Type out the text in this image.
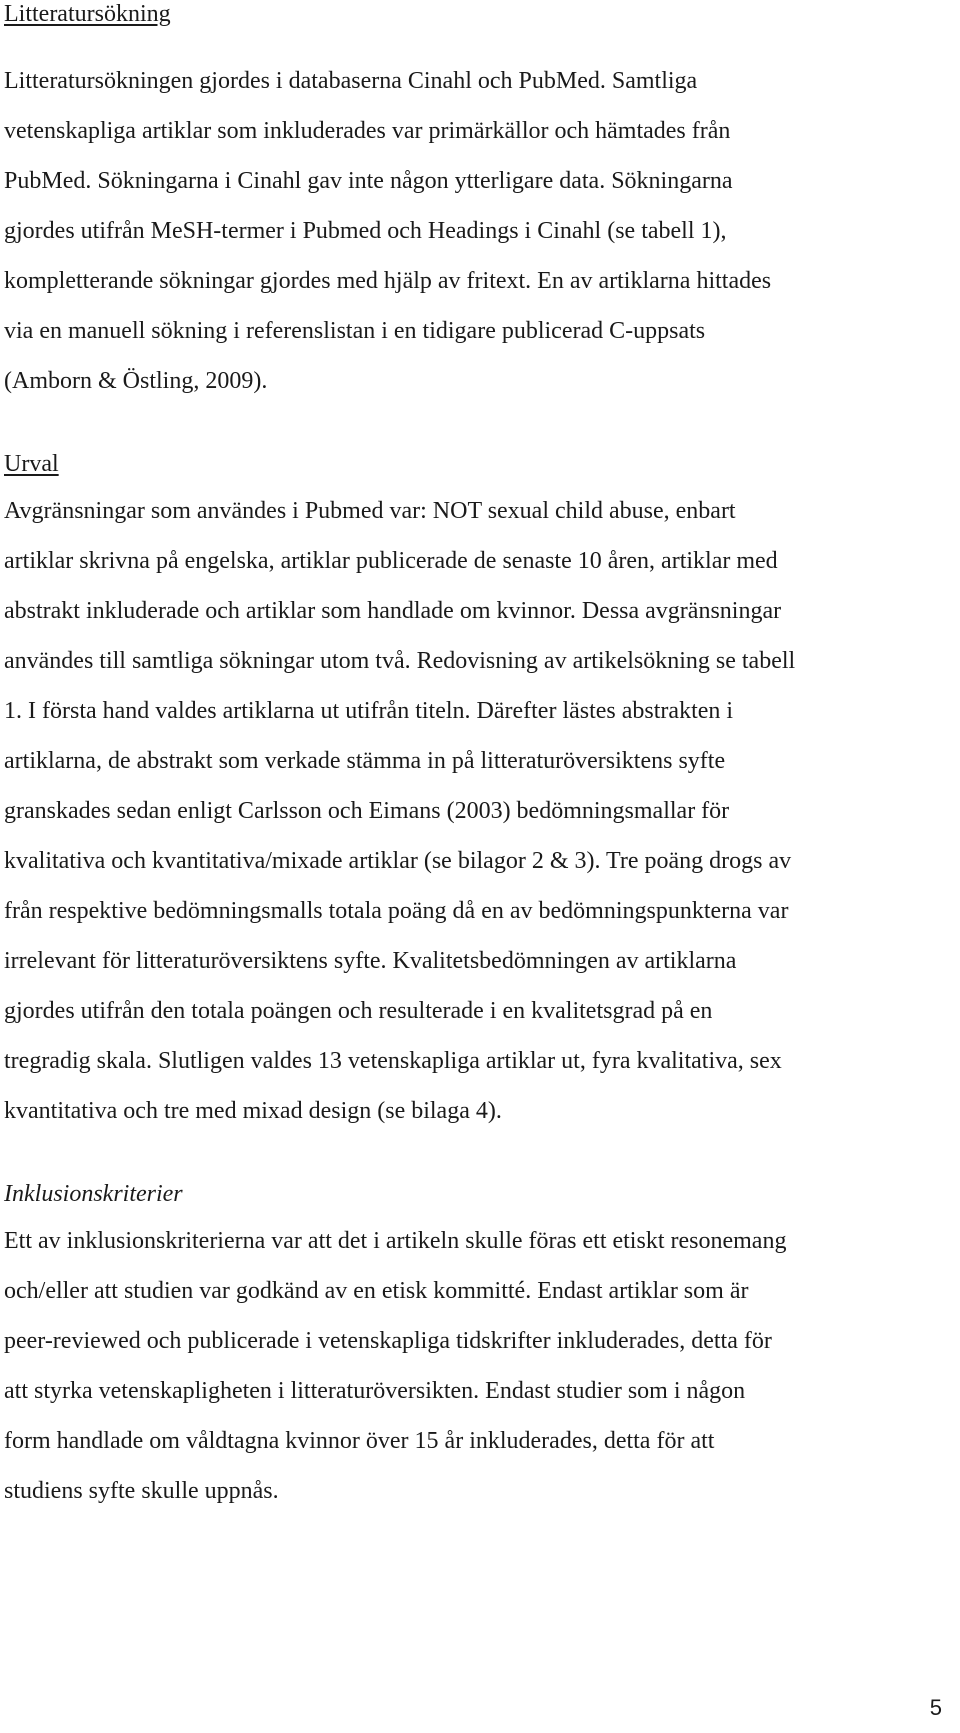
Litteratursökningen gjordes i databaserna Cinahl och PubMed. Samtliga
vetenskapliga artiklar som inkluderades var primärkällor och hämtades från
PubMed. Sökningarna i Cinahl gav inte någon ytterligare data. Sökningarna
gjordes utifrån MeSH-termer i Pubmed och Headings i Cinahl (se tabell 1),
kompletterande sökningar gjordes med hjälp av fritext. En av artiklarna hittades
via en manuell sökning i referenslistan i en tidigare publicerad C-uppsats
(Amborn & Östling, 2009).

Litteratursökning
Urval

Avgränsningar som användes i Pubmed var: NOT sexual child abuse, enbart
artiklar skrivna på engelska, artiklar publicerade de senaste 10 åren, artiklar med
abstrakt inkluderade och artiklar som handlade om kvinnor. Dessa avgränsningar
användes till samtliga sökningar utom två. Redovisning av artikelsökning se tabell
1. I första hand valdes artiklarna ut utifrån titeln. Därefter lästes abstrakten i
artiklarna, de abstrakt som verkade stämma in på litteraturöversiktens syfte
granskades sedan enligt Carlsson och Eimans (2003) bedömningsmallar för
kvalitativa och kvantitativa/mixade artiklar (se bilagor 2 & 3). Tre poäng drogs av
från respektive bedömningsmalls totala poäng då en av bedömningspunkterna var
irrelevant för litteraturöversiktens syfte. Kvalitetsbedömningen av artiklarna
gjordes utifrån den totala poängen och resulterade i en kvalitetsgrad på en
tregradig skala. Slutligen valdes 13 vetenskapliga artiklar ut, fyra kvalitativa, sex
kvantitativa och tre med mixad design (se bilaga 4).

Inklusionskriterier

Ett av inklusionskriterierna var att det i artikeln skulle föras ett etiskt resonemang
och/eller att studien var godkänd av en etisk kommitté. Endast artiklar som är
peer-reviewed och publicerade i vetenskapliga tidskrifter inkluderades, detta för
att styrka vetenskapligheten i litteraturöversikten. Endast studier som i någon
form handlade om våldtagna kvinnor över 15 år inkluderades, detta för att
studiens syfte skulle uppnås.

5
